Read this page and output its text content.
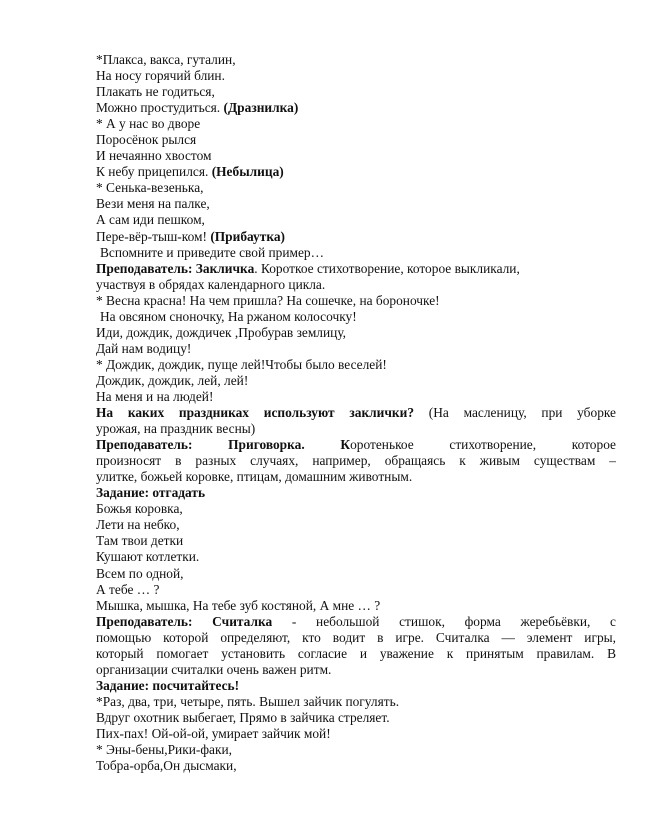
*Плакса, вакса, гуталин,
На носу горячий блин.
Плакать не годиться,
Можно простудиться. (Дразнилка)
* А у нас во дворе
Поросёнок рылся
И нечаянно хвостом
К небу прицепился. (Небылица)
* Сенька-везенька,
Вези меня на палке,
А сам иди пешком,
Пере-вёр-тыш-ком! (Прибаутка)
Вспомните и приведите свой пример…
Преподаватель: Закличка. Короткое стихотворение, которое выкликали,
участвуя в обрядах календарного цикла.
* Весна красна! На чем пришла? На сошечке, на бороночке!
На овсяном сноночку, На ржаном колосочку!
Иди, дождик, дождичек ,Пробурав землицу,
Дай нам водицу!
* Дождик, дождик, пуще лей!Чтобы было веселей!
Дождик, дождик, лей, лей!
На меня и на людей!
На каких праздниках используют заклички? (На масленицу, при уборке
урожая, на праздник весны)
Преподаватель: Приговорка. Коротенькое стихотворение, которое
произносят в разных случаях, например, обращаясь к живым существам –
улитке, божьей коровке, птицам, домашним животным.
Задание: отгадать
Божья коровка,
Лети на небко,
Там твои детки
Кушают котлетки.
Всем по одной,
А тебе … ?
Мышка, мышка, На тебе зуб костяной, А мне … ?
Преподаватель: Считалка - небольшой стишок, форма жеребьёвки, с
помощью которой определяют, кто водит в игре. Считалка — элемент игры,
который помогает установить согласие и уважение к принятым правилам. В
организации считалки очень важен ритм.
Задание: посчитайтесь!
*Раз, два, три, четыре, пять. Вышел зайчик погулять.
Вдруг охотник выбегает, Прямо в зайчика стреляет.
Пих-пах! Ой-ой-ой, умирает зайчик мой!
* Эны-бены,Рики-факи,
Тобра-орба,Он дысмаки,
